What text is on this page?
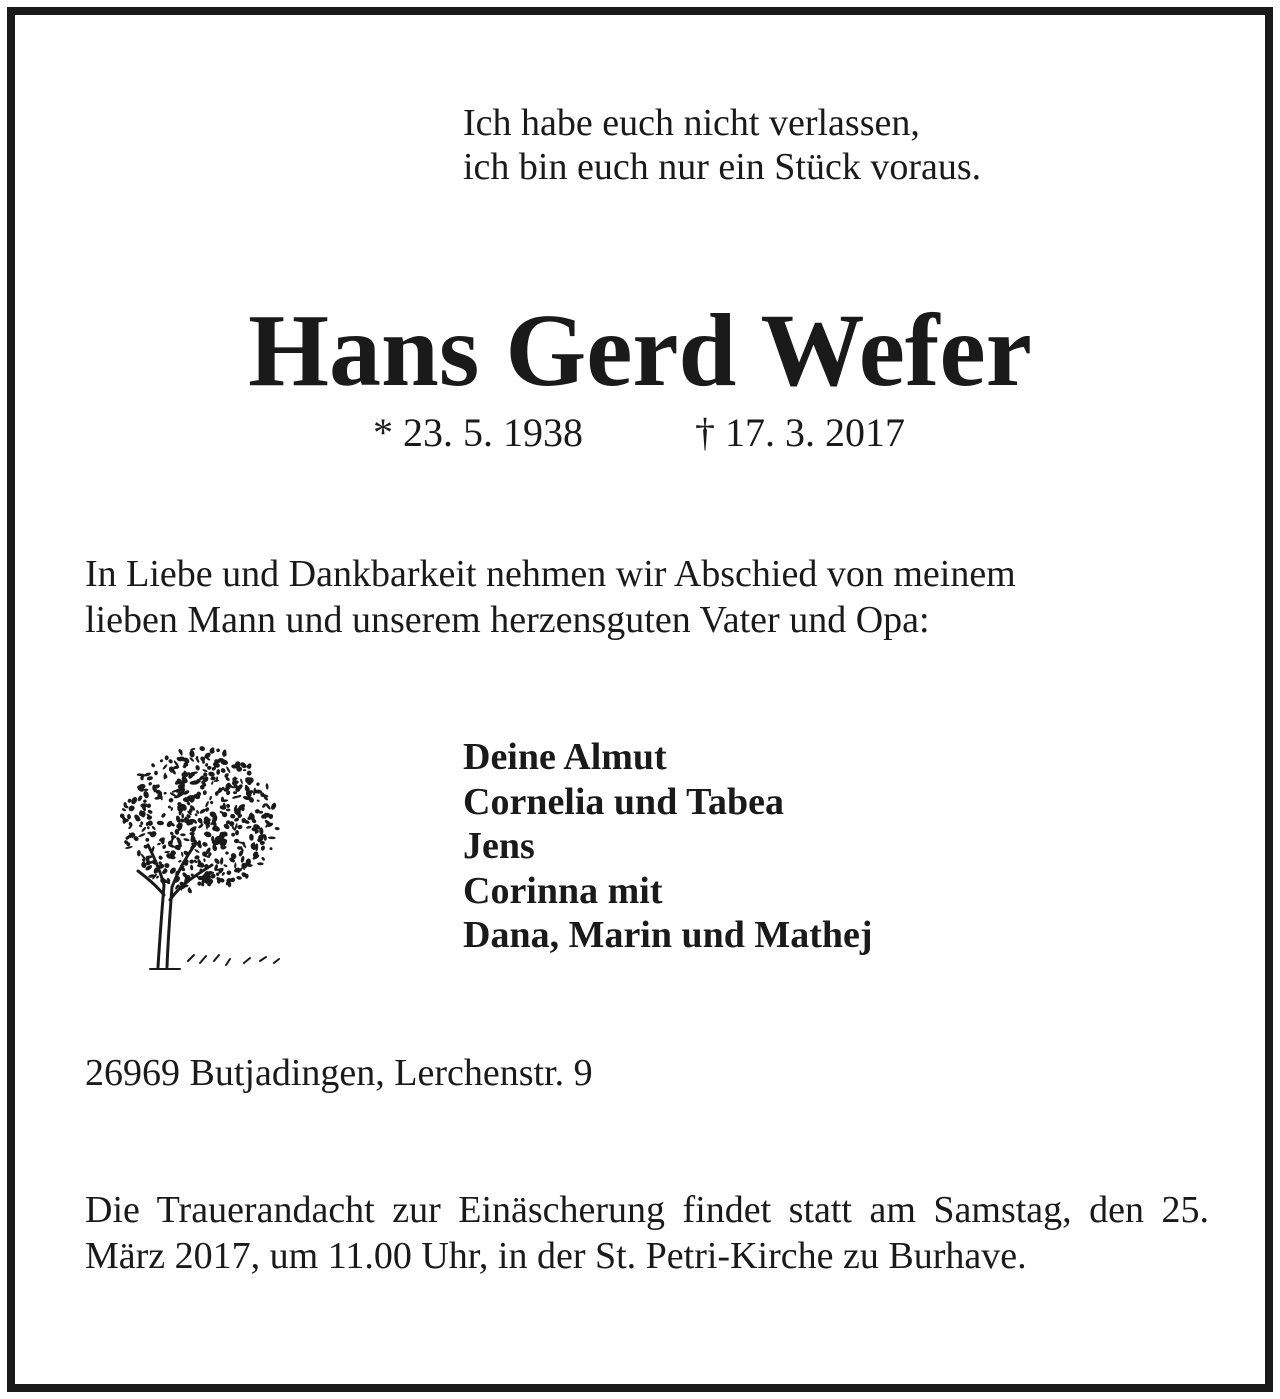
Ich habe euch nicht verlassen,
ich bin euch nur ein Stück voraus.
Hans Gerd Wefer
* 23. 5. 1938	† 17. 3. 2017
In Liebe und Dankbarkeit nehmen wir Abschied von meinem
lieben Mann und unserem herzensguten Vater und Opa:
Deine Almut
Cornelia und Tabea
Jens
Corinna mit
Dana, Marin und Mathej
26969 Butjadingen, Lerchenstr. 9
Die Trauerandacht zur Einäscherung findet statt am Samstag, den 25. März 2017, um 11.00 Uhr, in der St. Petri-Kirche zu Burhave.
